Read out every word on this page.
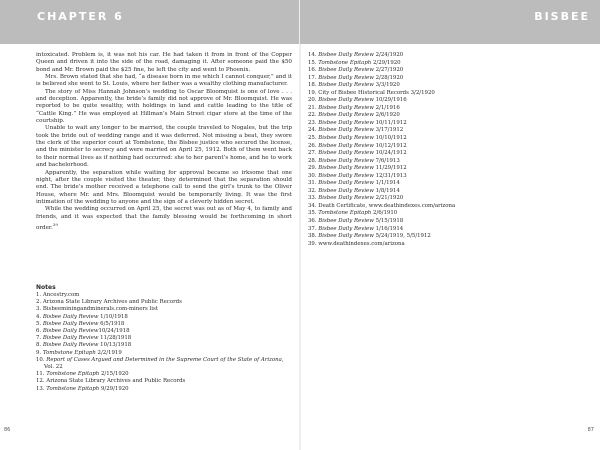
CHAPTER 6

intoxicated. Problem is, it was not his car. He had taken it from in front of the Copper Queen and driven it into the side of the road, damaging it. After someone paid the $50 bond and Mr. Brown paid the $25 fine, he left the city and went to Phoenix.

Mrs. Brown stated that she had, “a disease born in me which I cannot conquer,” and it is believed she went to St. Louis, where her father was a wealthy clothing manufacturer.

The story of Miss Hannah Johnson’s wedding to Oscar Bloomquist is one of love . . . and deception. Apparently, the bride’s family did not approve of Mr. Bloomquist. He was reported to be quite wealthy, with holdings in land and cattle leading to the title of “Cattle King.” He was employed at Hillman’s Main Street cigar store at the time of the courtship.

Unable to wait any longer to be married, the couple traveled to Nogales, but the trip took the bride out of wedding range and it was deferred. Not missing a beat, they swore the clerk of the superior court at Tombstone, the Bisbee justice who secured the license, and the minister to secrecy and were married on April 25, 1912. Both of them went back to their normal lives as if nothing had occurred: she to her parent’s home, and he to work and bachelorhood.

Apparently, the separation while waiting for approval became so irksome that one night, after the couple visited the theater, they determined that the separation should end. The bride’s mother received a telephone call to send the girl’s trunk to the Oliver House, where Mr. and Mrs. Bloomquist would be temporarily living. It was the first intimation of the wedding to anyone and the sign of a cleverly hidden secret.

While the wedding occurred on April 25, the secret was out as of May 4, to family and friends, and it was expected that the family blessing would be forthcoming in short order.$^{39}$

Notes
1. Ancestry.com
2. Arizona State Library Archives and Public Records
3. Bisbeeminingandminerals.com-miners list
4. Bisbee Daily Review 1/10/1918
5. Bisbee Daily Review 6/5/1918
6. Bisbee Daily Review10/24/1918
7. Bisbee Daily Review 11/28/1918
8. Bisbee Daily Review 10/13/1918
9. Tombstone Epitaph 2/2/1919
10. Report of Cases Argued and Determined in the Supreme Court of the State of Arizona, Vol. 22
11. Tombstone Epitaph 2/15/1920
12. Arizona State Library Archives and Public Records
13. Tombstone Epitaph 9/29/1920
86
BISBEE
14. Bisbee Daily Review 2/24/1920
15. Tombstone Epitaph 2/29/1920
16. Bisbee Daily Review 2/27/1920
17. Bisbee Daily Review 2/28/1920
18. Bisbee Daily Review 3/3/1920
19. City of Bisbee Historical Records 3/2/1920
20. Bisbee Daily Review 10/29/1916
21. Bisbee Daily Review 2/1/1916
22. Bisbee Daily Review 2/6/1920
23. Bisbee Daily Review 10/11/1912
24. Bisbee Daily Review 3/17/1912
25. Bisbee Daily Review 10/10/1912
26. Bisbee Daily Review 10/12/1912
27. Bisbee Daily Review 10/24/1912
28. Bisbee Daily Review 7/6/1913
29. Bisbee Daily Review 11/29/1912
30. Bisbee Daily Review 12/31/1913
31. Bisbee Daily Review 1/1/1914
32. Bisbee Daily Review 1/8/1914
33. Bisbee Daily Review 2/21/1920
34. Death Certificate, www.deathindexes.com/arizona
35. Tombstone Epitaph 2/6/1910
36. Bisbee Daily Review 5/15/1918
37. Bisbee Daily Review 1/16/1914
38. Bisbee Daily Review 5/24/1919, 5/5/1912
39. www.deathindexes.com/arizona
87
